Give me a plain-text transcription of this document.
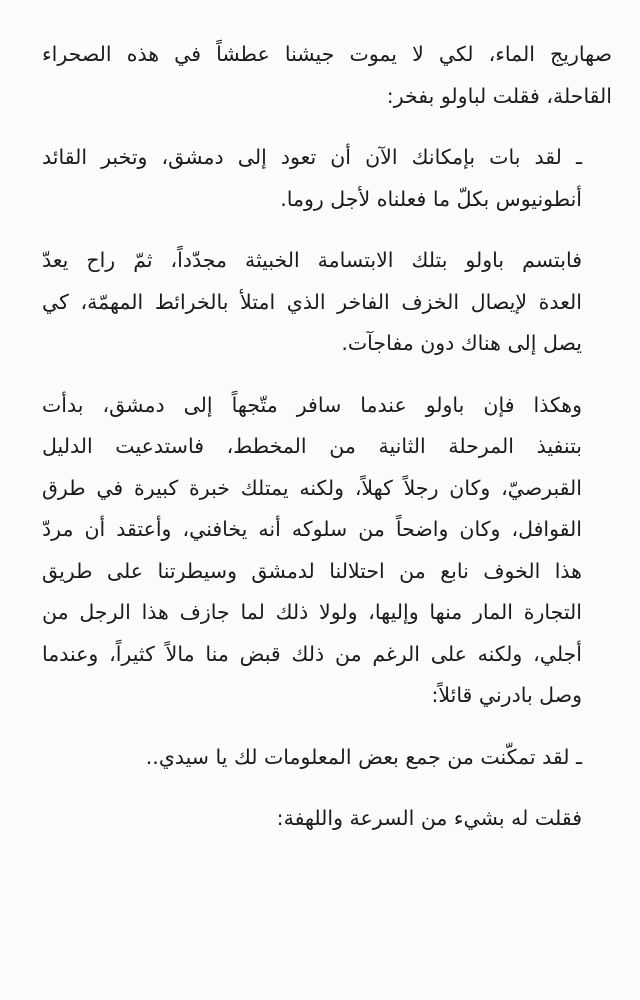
صهاريج الماء، لكي لا يموت جيشنا عطشاً في هذه الصحراء
القاحلة، فقلت لباولو بفخر:

ـ لقد بات بإمكانك الآن أن تعود إلى دمشق، وتخبر القائد
أنطونيوس بكلّ ما فعلناه لأجل روما.

فابتسم باولو بتلك الابتسامة الخبيثة مجدّداً، ثمّ راح يعدّ
العدة لإيصال الخزف الفاخر الذي امتلأ بالخرائط المهمّة، كي
يصل إلى هناك دون مفاجآت.

وهكذا فإن باولو عندما سافر متّجهاً إلى دمشق، بدأت
بتنفيذ المرحلة الثانية من المخطط، فاستدعيت الدليل
القبرصيّ، وكان رجلاً كهلاً، ولكنه يمتلك خبرة كبيرة في طرق
القوافل، وكان واضحاً من سلوكه أنه يخافني، وأعتقد أن مردّ
هذا الخوف نابع من احتلالنا لدمشق وسيطرتنا على طريق
التجارة المار منها وإليها، ولولا ذلك لما جازف هذا الرجل من
أجلي، ولكنه على الرغم من ذلك قبض منا مالاً كثيراً، وعندما
وصل بادرني قائلاً:

ـ لقد تمكّنت من جمع بعض المعلومات لك يا سيدي..

فقلت له بشيء من السرعة واللهفة:
